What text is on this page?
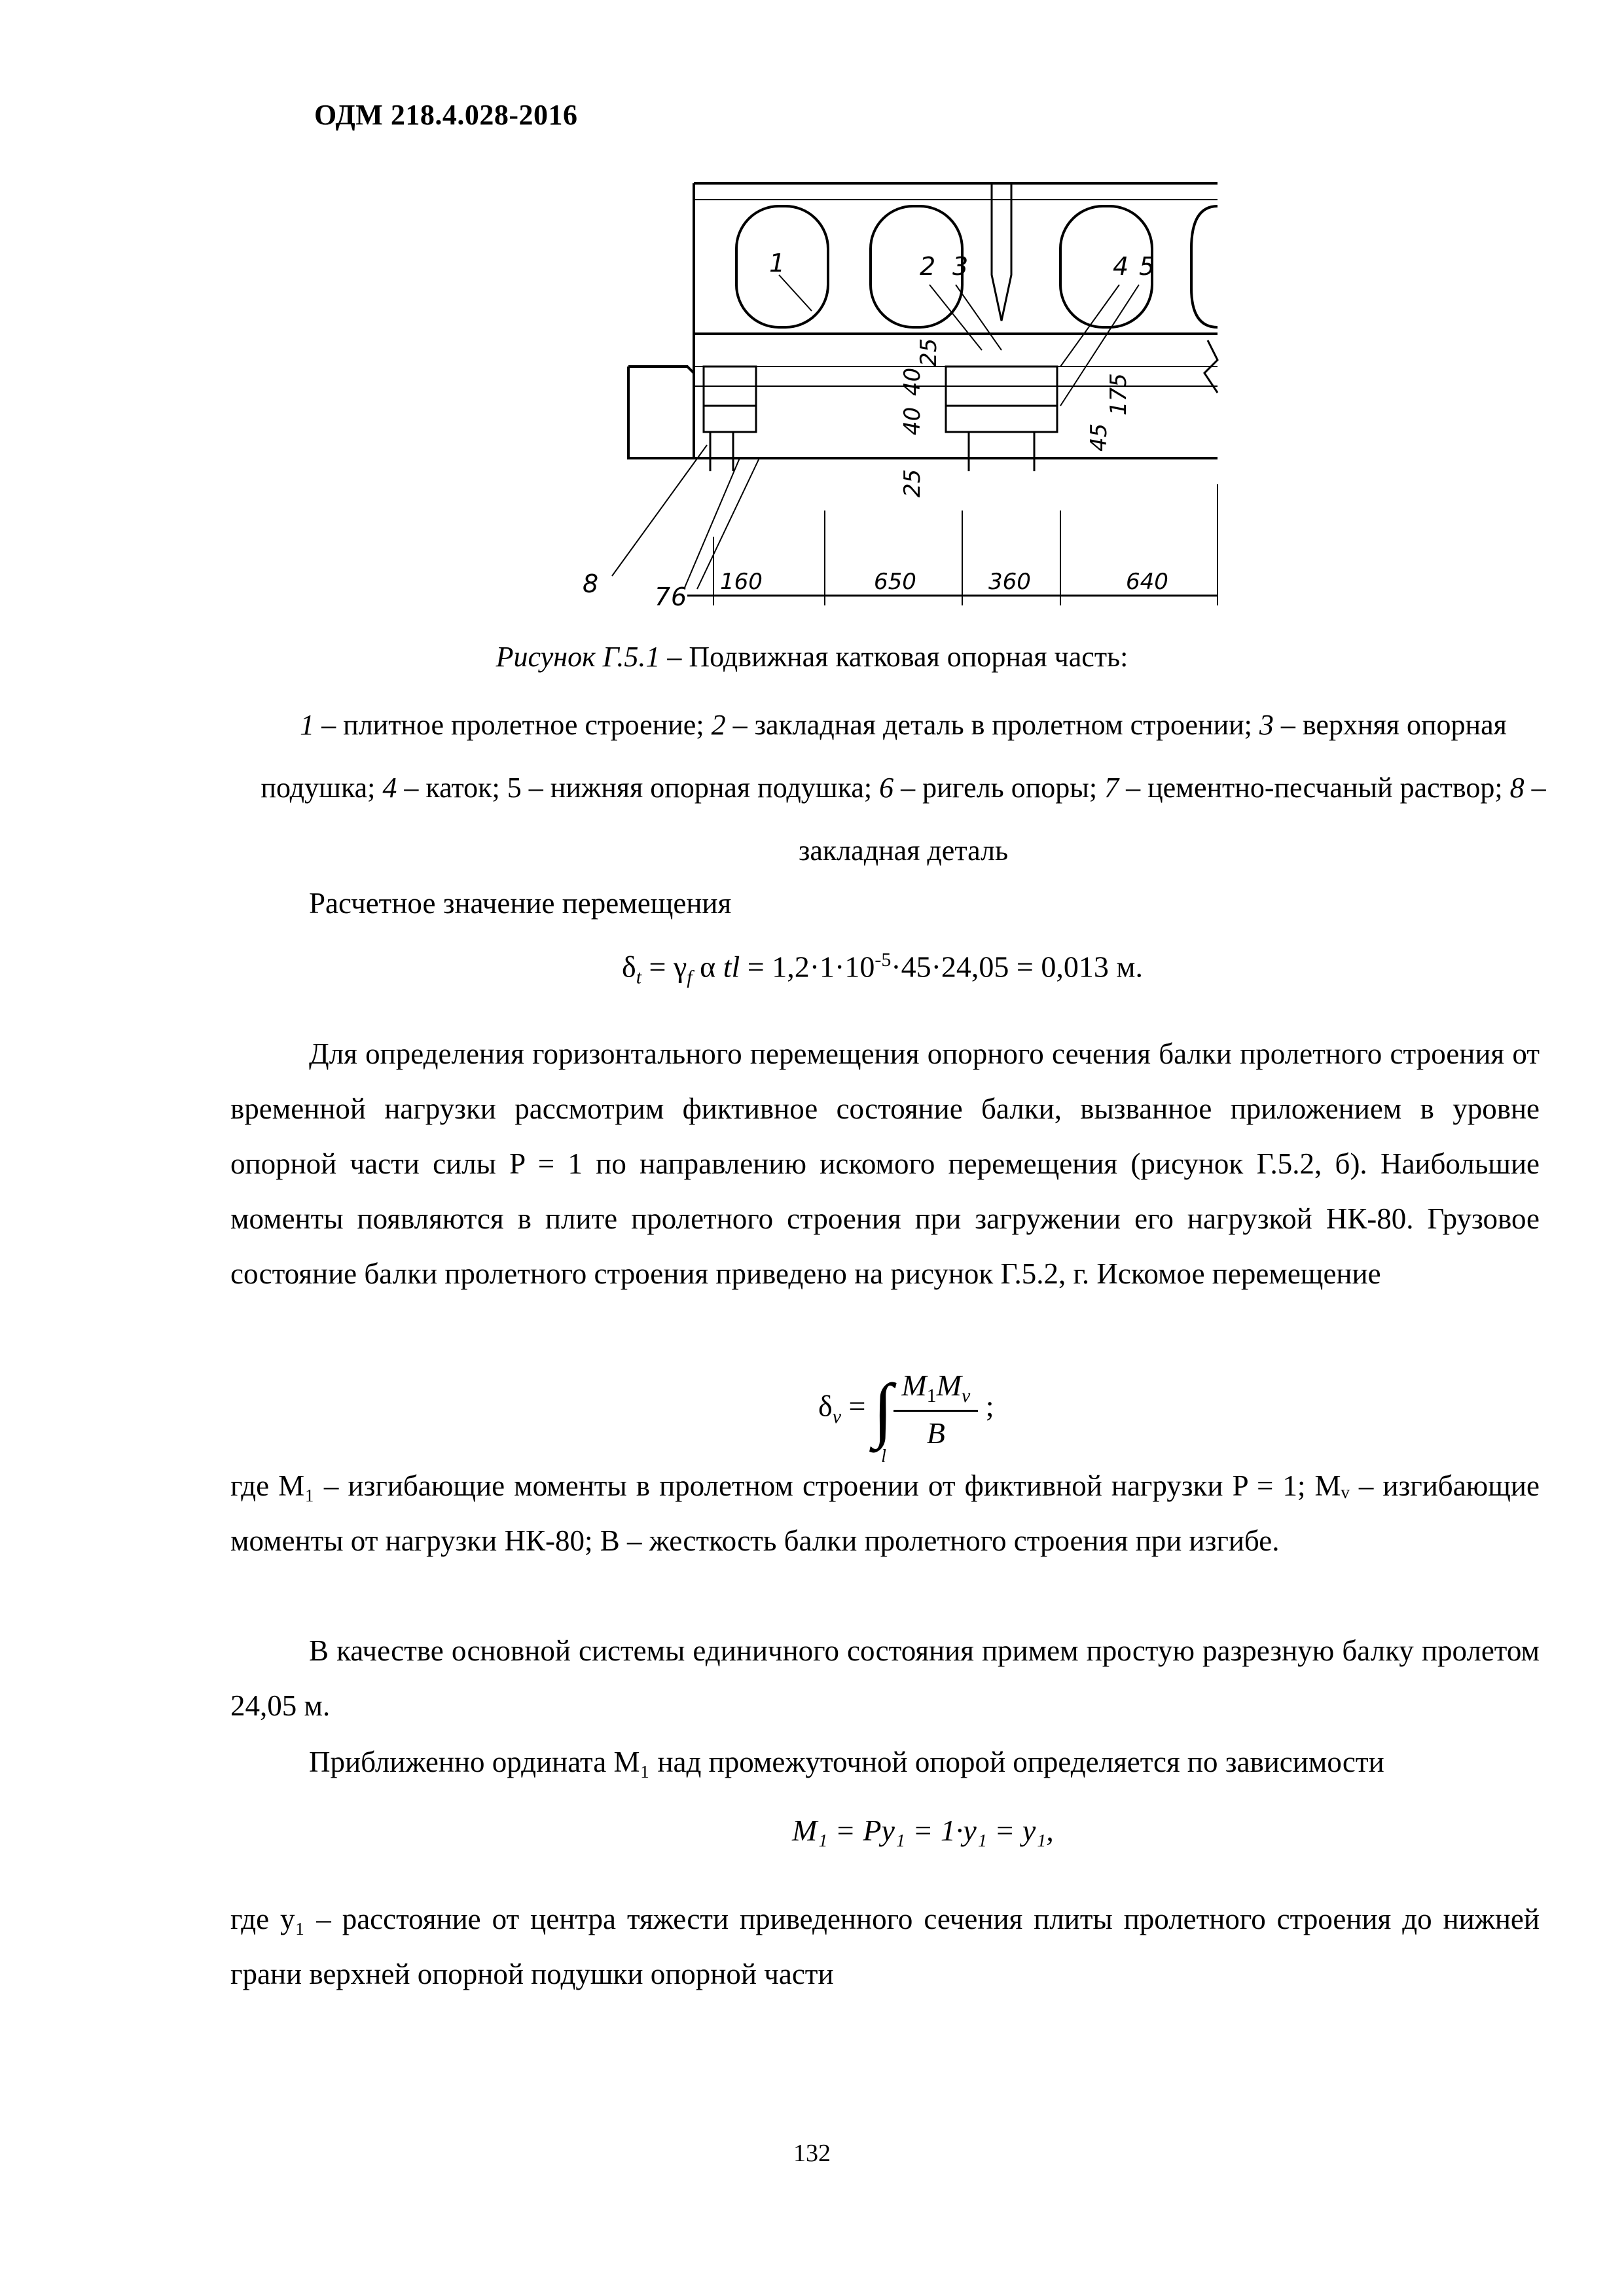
ОДМ 218.4.028-2016
1	2 3	4 5
6
7
8	160	650	360	640
25
40
40
25
175
45
Рисунок Г.5.1 – Подвижная катковая опорная часть:
1 – плитное пролетное строение; 2 – закладная деталь в пролетном строении; 3 – верхняя опорная подушка; 4 – каток; 5 – нижняя опорная подушка; 6 – ригель опоры; 7 – цементно-песчаный раствор; 8 – закладная деталь
Расчетное значение перемещения
$\delta_t = \gamma_f$ α tl = $1,2\cdot 1\cdot 10^{-5}\cdot 45\cdot 24,05 = 0,013$ м.
Для определения горизонтального перемещения опорного сечения балки пролетного строения от временной нагрузки рассмотрим фиктивное состояние балки, вызванное приложением в уровне опорной части силы P = 1 по направлению искомого перемещения (рисунок Г.5.2, б). Наибольшие моменты появляются в плите пролетного строения при загружении его нагрузкой НК-80. Грузовое состояние балки пролетного строения приведено на рисунок Г.5.2, г. Искомое перемещение
$\delta_v = \int_l$
$\frac{M_1M_v}{B}$ ;
где M₁ – изгибающие моменты в пролетном строении от фиктивной нагрузки P = 1; Mᵥ – изгибающие моменты от нагрузки НК-80; B – жесткость балки пролетного строения при изгибе.
В качестве основной системы единичного состояния примем простую разрезную балку пролетом 24,05 м.
Приближенно ордината M₁ над промежуточной опорой определяется по зависимости
M₁ = Py₁ = 1·y₁ = y₁,
где y₁ – расстояние от центра тяжести приведенного сечения плиты пролетного строения до нижней грани верхней опорной подушки опорной части
132
